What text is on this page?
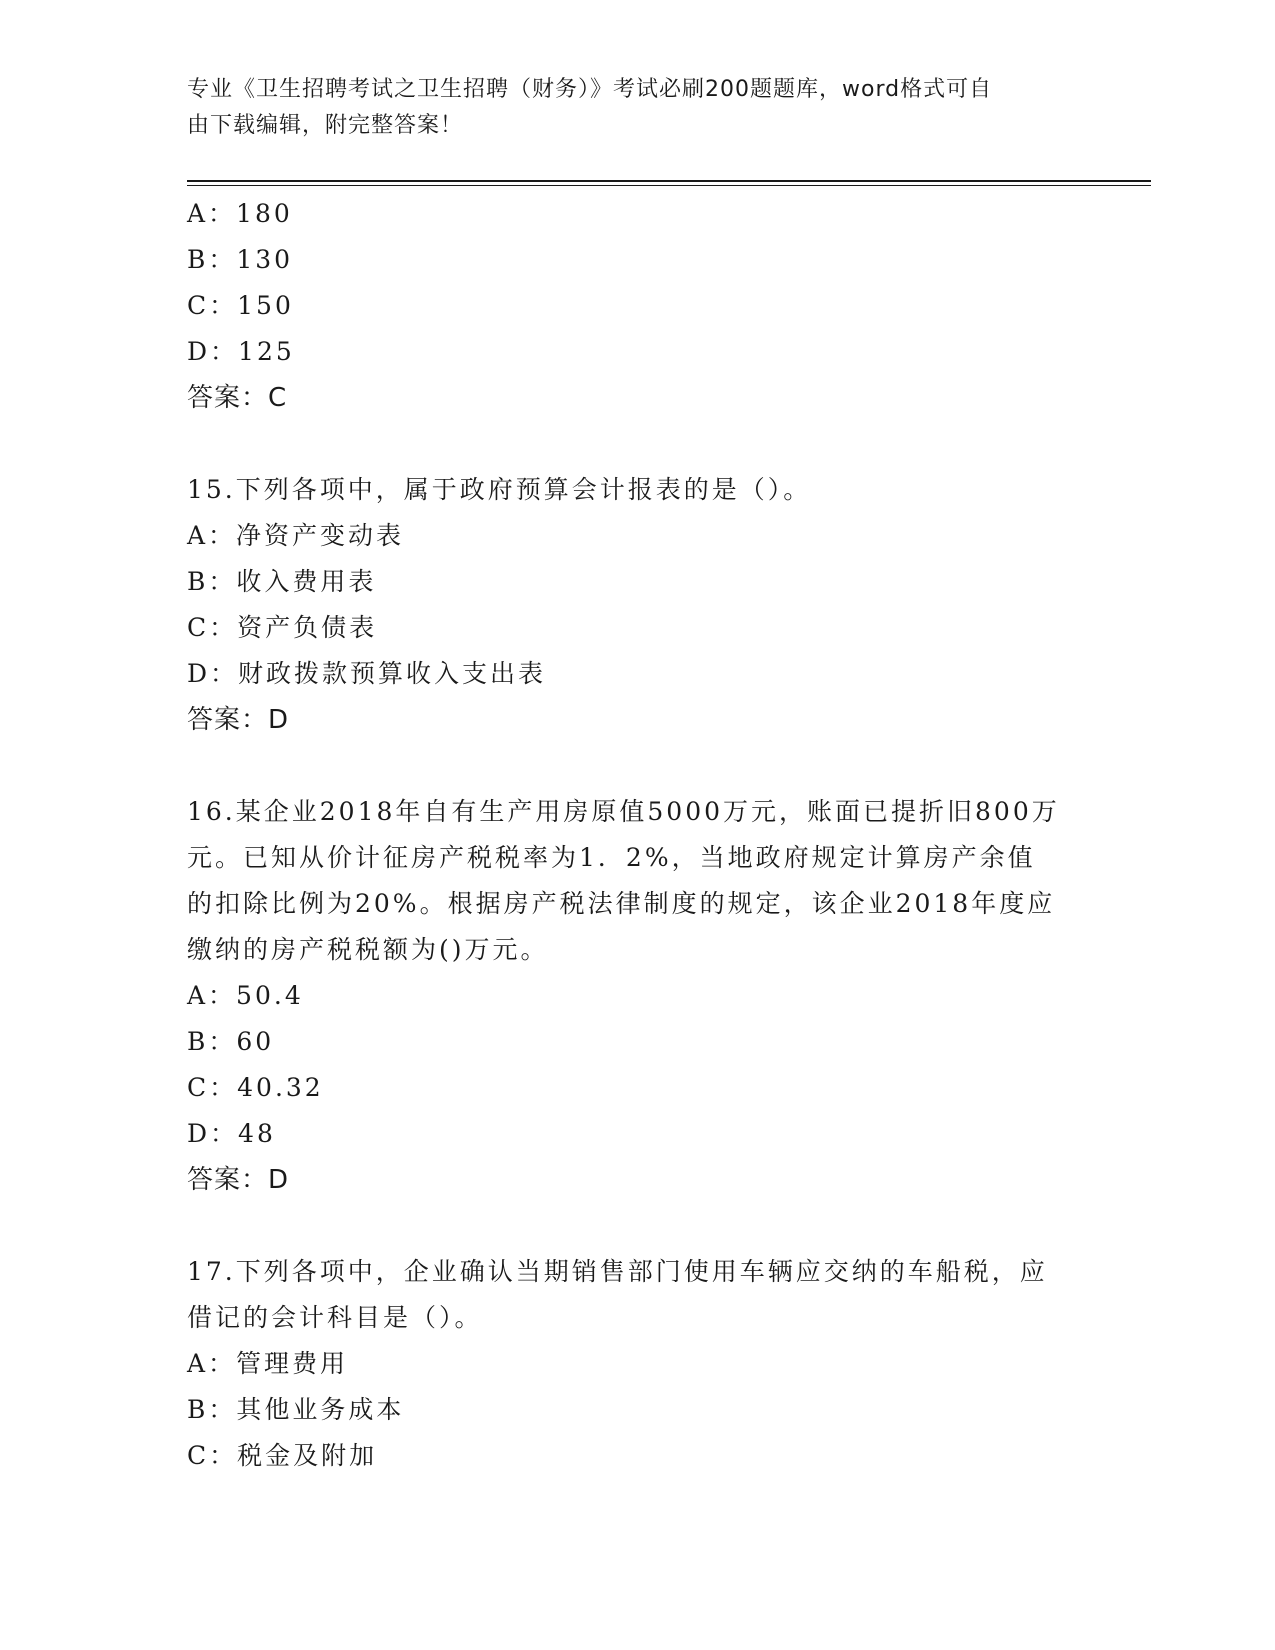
专业《卫生招聘考试之卫生招聘（财务）》考试必刷200题题库，word格式可自
由下载编辑，附完整答案！
A：180
B：130
C：150
D：125
答案：C
15.下列各项中，属于政府预算会计报表的是（）。
A：净资产变动表
B：收入费用表
C：资产负债表
D：财政拨款预算收入支出表
答案：D
16.某企业2018年自有生产用房原值5000万元，账面已提折旧800万
元。已知从价计征房产税税率为1．2%，当地政府规定计算房产余值
的扣除比例为20%。根据房产税法律制度的规定，该企业2018年度应
缴纳的房产税税额为()万元。
A：50.4
B：60
C：40.32
D：48
答案：D
17.下列各项中，企业确认当期销售部门使用车辆应交纳的车船税，应
借记的会计科目是（）。
A：管理费用
B：其他业务成本
C：税金及附加
